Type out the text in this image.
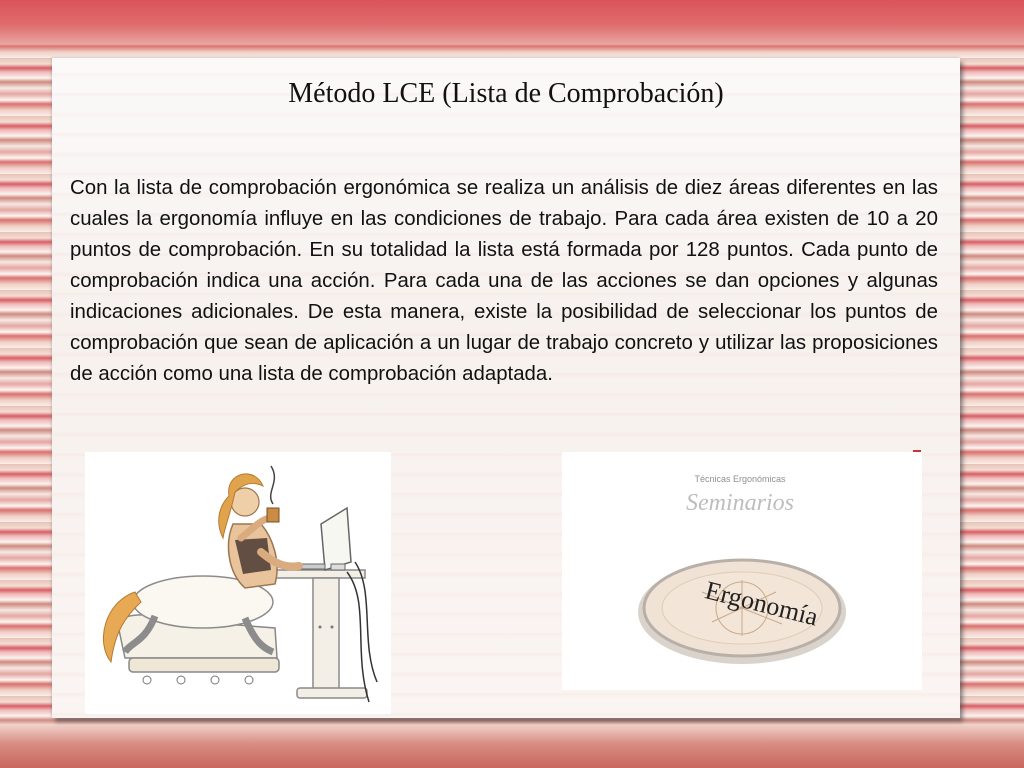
Método LCE (Lista de Comprobación)

Con la lista de comprobación ergonómica se realiza un análisis de diez áreas diferentes en las cuales la ergonomía influye en las condiciones de trabajo. Para cada área existen de 10 a 20 puntos de comprobación. En su totalidad la lista está formada por 128 puntos. Cada punto de comprobación indica una acción. Para cada una de las acciones se dan opciones y algunas indicaciones adicionales. De esta manera, existe la posibilidad de seleccionar los puntos de comprobación que sean de aplicación a un lugar de trabajo concreto y utilizar las proposiciones de acción como una lista de comprobación adaptada.

Técnicas Ergonómicas
Seminarios
Ergonomía
